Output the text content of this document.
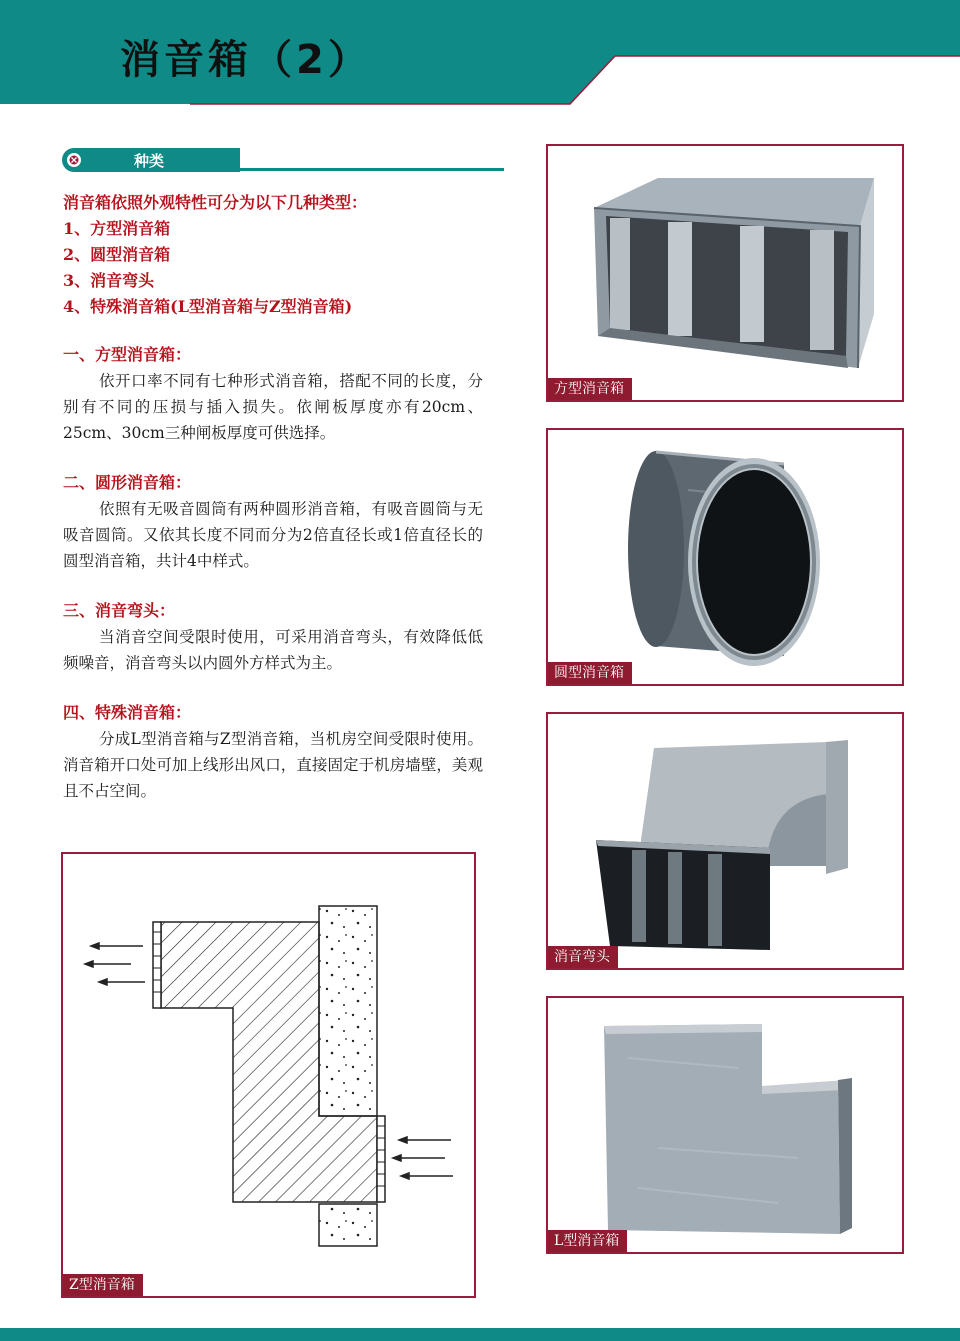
消音箱（2）
种类
消音箱依照外观特性可分为以下几种类型：
1、方型消音箱
2、圆型消音箱
3、消音弯头
4、特殊消音箱(L型消音箱与Z型消音箱)
一、方型消音箱：

依开口率不同有七种形式消音箱，搭配不同的长度，分别有不同的压损与插入损失。依闸板厚度亦有20cm、25cm、30cm三种闸板厚度可供选择。

二、圆形消音箱：

依照有无吸音圆筒有两种圆形消音箱，有吸音圆筒与无吸音圆筒。又依其长度不同而分为2倍直径长或1倍直径长的圆型消音箱，共计4中样式。

三、消音弯头：

当消音空间受限时使用，可采用消音弯头，有效降低低频噪音，消音弯头以内圆外方样式为主。

四、特殊消音箱：

分成L型消音箱与Z型消音箱，当机房空间受限时使用。消音箱开口处可加上线形出风口，直接固定于机房墙壁，美观且不占空间。

方型消音箱
圆型消音箱
消音弯头
L型消音箱
Z型消音箱
